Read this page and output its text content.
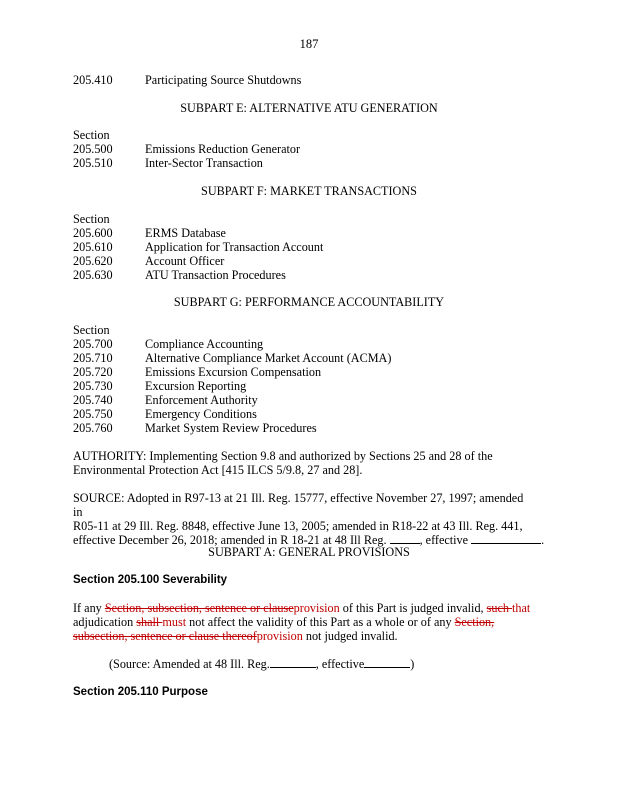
187
205.410	Participating Source Shutdowns
SUBPART E: ALTERNATIVE ATU GENERATION
Section
205.500	Emissions Reduction Generator
205.510	Inter-Sector Transaction
SUBPART F: MARKET TRANSACTIONS
Section
205.600	ERMS Database
205.610	Application for Transaction Account
205.620	Account Officer
205.630	ATU Transaction Procedures
SUBPART G: PERFORMANCE ACCOUNTABILITY
Section
205.700	Compliance Accounting
205.710	Alternative Compliance Market Account (ACMA)
205.720	Emissions Excursion Compensation
205.730	Excursion Reporting
205.740	Enforcement Authority
205.750	Emergency Conditions
205.760	Market System Review Procedures
AUTHORITY: Implementing Section 9.8 and authorized by Sections 25 and 28 of the
Environmental Protection Act [415 ILCS 5/9.8, 27 and 28].
SOURCE: Adopted in R97-13 at 21 Ill. Reg. 15777, effective November 27, 1997; amended in
R05-11 at 29 Ill. Reg. 8848, effective June 13, 2005; amended in R18-22 at 43 Ill. Reg. 441,
effective December 26, 2018; amended in R 18-21 at 48 Ill Reg. , effective	.
SUBPART A: GENERAL PROVISIONS
Section 205.100 Severability
If any Section, subsection, sentence or clauseprovision of this Part is judged invalid, such that
adjudication shall must not affect the validity of this Part as a whole or of any Section,
subsection, sentence or clause thereofprovision not judged invalid.
(Source: Amended at 48 Ill. Reg.	, effective	)
Section 205.110 Purpose
